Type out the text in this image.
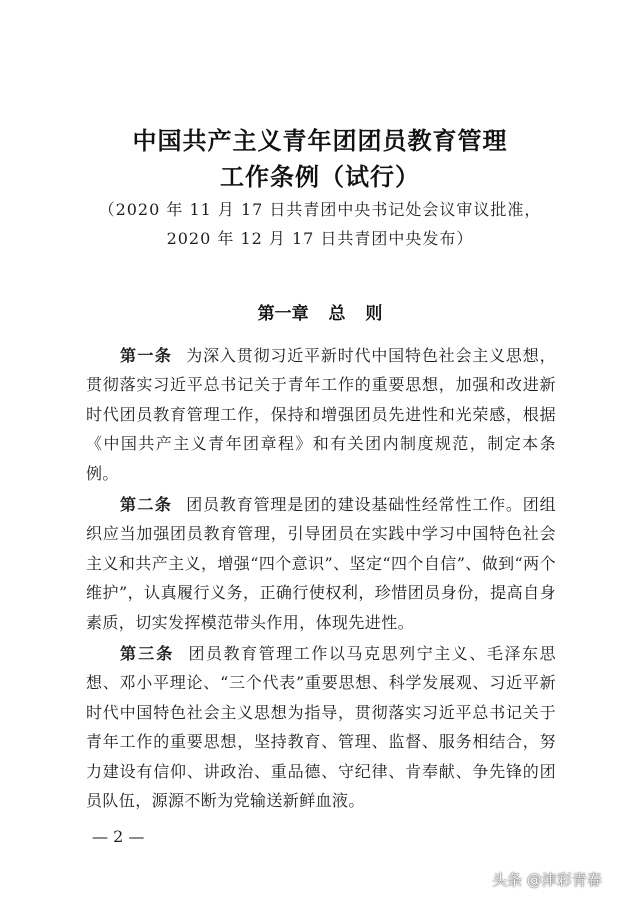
中国共产主义青年团团员教育管理
工作条例（试行）
（2020 年 11 月 17 日共青团中央书记处会议审议批准，
2020 年 12 月 17 日共青团中央发布）
第一章 总 则
第一条 为深入贯彻习近平新时代中国特色社会主义思想，贯彻落实习近平总书记关于青年工作的重要思想，加强和改进新时代团员教育管理工作，保持和增强团员先进性和光荣感，根据《中国共产主义青年团章程》和有关团内制度规范，制定本条例。
第二条 团员教育管理是团的建设基础性经常性工作。团组织应当加强团员教育管理，引导团员在实践中学习中国特色社会主义和共产主义，增强“四个意识”、坚定“四个自信”、做到“两个维护”，认真履行义务，正确行使权利，珍惜团员身份，提高自身素质，切实发挥模范带头作用，体现先进性。
第三条 团员教育管理工作以马克思列宁主义、毛泽东思想、邓小平理论、“三个代表”重要思想、科学发展观、习近平新时代中国特色社会主义思想为指导，贯彻落实习近平总书记关于青年工作的重要思想，坚持教育、管理、监督、服务相结合，努力建设有信仰、讲政治、重品德、守纪律、肯奉献、争先锋的团员队伍，源源不断为党输送新鲜血液。
— 2 —
头条 @津彩青春
